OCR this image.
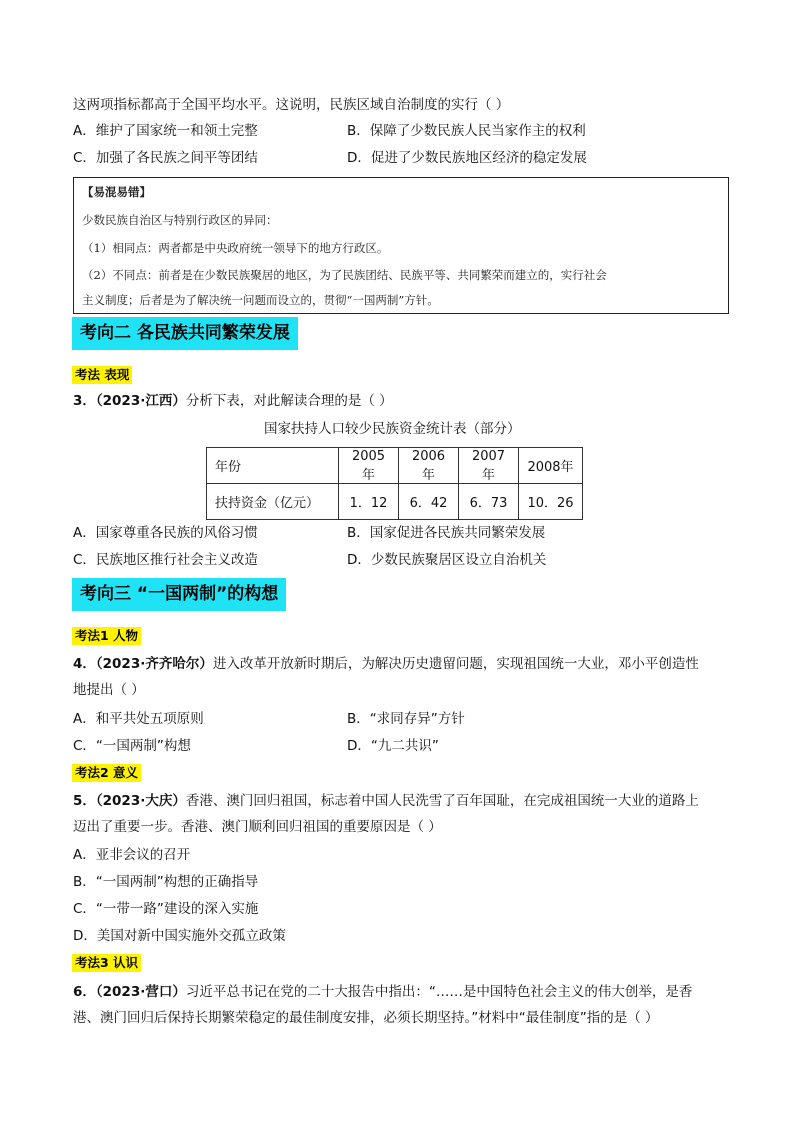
这两项指标都高于全国平均水平。这说明，民族区域自治制度的实行（ ）
A．维护了国家统一和领土完整	B．保障了少数民族人民当家作主的权利
C．加强了各民族之间平等团结	D．促进了少数民族地区经济的稳定发展
【易混易错】
少数民族自治区与特别行政区的异同：
（1）相同点：两者都是中央政府统一领导下的地方行政区。
（2）不同点：前者是在少数民族聚居的地区，为了民族团结、民族平等、共同繁荣而建立的，实行社会
主义制度；后者是为了解决统一问题而设立的，贯彻“一国两制”方针。
考向二 各民族共同繁荣发展
考法 表现
3．（2023·江西）分析下表，对此解读合理的是（ ）
国家扶持人口较少民族资金统计表（部分）
年份	2005年	2006年	2007年	2008年
扶持资金（亿元）	1．12	6．42	6．73	10．26
A．国家尊重各民族的风俗习惯	B．国家促进各民族共同繁荣发展
C．民族地区推行社会主义改造	D．少数民族聚居区设立自治机关
考向三 “一国两制”的构想
考法1 人物
4．（2023·齐齐哈尔）进入改革开放新时期后，为解决历史遗留问题，实现祖国统一大业，邓小平创造性
地提出（ ）
A．和平共处五项原则	B．“求同存异”方针
C．“一国两制”构想	D．“九二共识”
考法2 意义
5．（2023·大庆）香港、澳门回归祖国，标志着中国人民洗雪了百年国耻，在完成祖国统一大业的道路上
迈出了重要一步。香港、澳门顺利回归祖国的重要原因是（ ）
A．亚非会议的召开
B．“一国两制”构想的正确指导
C．“一带一路”建设的深入实施
D．美国对新中国实施外交孤立政策
考法3 认识
6．（2023·营口）习近平总书记在党的二十大报告中指出：“……是中国特色社会主义的伟大创举，是香
港、澳门回归后保持长期繁荣稳定的最佳制度安排，必须长期坚持。”材料中“最佳制度”指的是（ ）
